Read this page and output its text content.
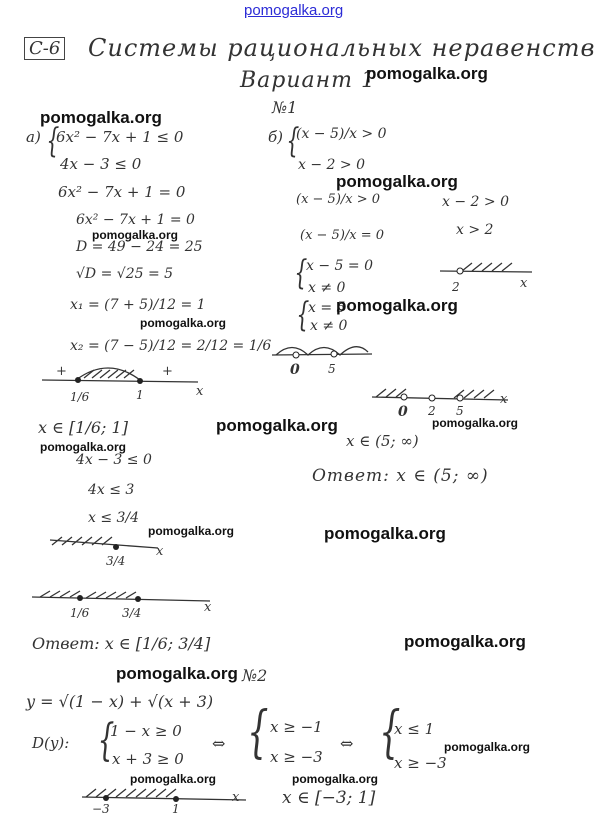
pomogalka.org
С-6 Системы рациональных неравенств
Вариант 1
№1
а) {
6x² − 7x + 1 ≤ 0
4x − 3 ≤ 0
6x² − 7x + 1 = 0
6x² − 7x + 1 = 0
D = 49 − 24 = 25
√D = √25 = 5
x₁ = (7 + 5)/12 = 1
x₂ = (7 − 5)/12 = 2/12 = 1/6
+	+
1/6	1	x
x ∈ [1/6; 1]
4x − 3 ≤ 0
4x ≤ 3
x ≤ 3/4
3/4
x
1/6	3/4	x
Ответ: x ∈ [1/6; 3/4]
б) {
(x − 5)/x > 0
x − 2 > 0
(x − 5)/x > 0	x − 2 > 0
(x − 5)/x = 0	x > 2
{
x − 5 = 0
x ≠ 0	2	x
{
x = 5
x ≠ 0
0 5
0 2 5
x
x ∈ (5; ∞)
Ответ: x ∈ (5; ∞)
№2
y = √(1 − x) + √(x + 3)
D(y): {
1 − x ≥ 0
x + 3 ≥ 0
⇔ { x ≥ −1
x ≥ −3
⇔ {
x ≤ 1
x ≥ −3
−3	1
x	x ∈ [−3; 1]
pomogalka.org
pomogalka.org
pomogalka.org
pomogalka.org
pomogalka.org
pomogalka.org
pomogalka.org	pomogalka.org
pomogalka.org
pomogalka.org	pomogalka.org
pomogalka.org
pomogalka.org
pomogalka.org
pomogalka.org	pomogalka.org
